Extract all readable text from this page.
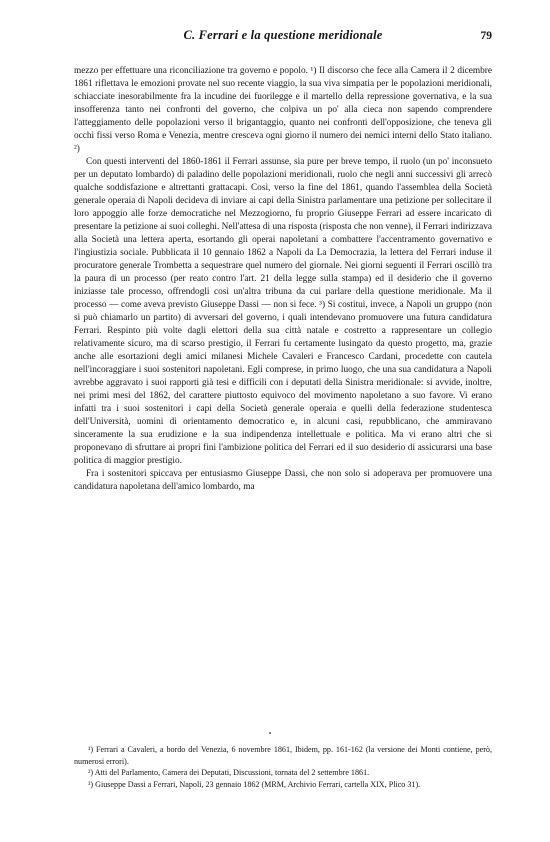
C. Ferrari e la questione meridionale	79

mezzo per effettuare una riconciliazione tra governo e popolo. ¹) Il discorso che fece alla Camera il 2 dicembre 1861 riflettava le emozioni provate nel suo recente viaggio, la sua viva simpatia per le popolazioni meridionali, schiacciate inesorabilmente fra la incudine dei fuorilegge e il martello della repressione governativa, e la sua insofferenza tanto nei confronti del governo, che colpiva un po' alla cieca non sapendo comprendere l'atteggiamento delle popolazioni verso il brigantaggio, quanto nei confronti dell'opposizione, che teneva gli occhi fissi verso Roma e Venezia, mentre cresceva ogni giorno il numero dei nemici interni dello Stato italiano. ²)

Con questi interventi del 1860-1861 il Ferrari assunse, sia pure per breve tempo, il ruolo (un po' inconsueto per un deputato lombardo) di paladino delle popolazioni meridionali, ruolo che negli anni successivi gli arrecò qualche soddisfazione e altrettanti grattacapi. Così, verso la fine del 1861, quando l'assemblea della Società generale operaia di Napoli decideva di inviare ai capi della Sinistra parlamentare una petizione per sollecitare il loro appoggio alle forze democratiche nel Mezzogiorno, fu proprio Giuseppe Ferrari ad essere incaricato di presentare la petizione ai suoi colleghi. Nell'attesa di una risposta (risposta che non venne), il Ferrari indirizzava alla Società una lettera aperta, esortando gli operai napoletani a combattere l'accentramento governativo e l'ingiustizia sociale. Pubblicata il 10 gennaio 1862 a Napoli da La Democrazia, la lettera del Ferrari induse il procuratore generale Trombetta a sequestrare quel numero del giornale. Nei giorni seguenti il Ferrari oscillò tra la paura di un processo (per reato contro l'art. 21 della legge sulla stampa) ed il desiderio che il governo iniziasse tale processo, offrendogli così un'altra tribuna da cui parlare della questione meridionale. Ma il processo — come aveva previsto Giuseppe Dassi — non si fece. ³) Si costituì, invece, a Napoli un gruppo (non si può chiamarlo un partito) di avversari del governo, i quali intendevano promuovere una futura candidatura Ferrari. Respinto più volte dagli elettori della sua città natale e costretto a rappresentare un collegio relativamente sicuro, ma di scarso prestigio, il Ferrari fu certamente lusingato da questo progetto, ma, grazie anche alle esortazioni degli amici milanesi Michele Cavaleri e Francesco Cardani, procedette con cautela nell'incoraggiare i suoi sostenitori napoletani. Egli comprese, in primo luogo, che una sua candidatura a Napoli avrebbe aggravato i suoi rapporti già tesi e difficili con i deputati della Sinistra meridionale: si avvide, inoltre, nei primi mesi del 1862, del carattere piuttosto equivoco del movimento napoletano a suo favore. Vi erano infatti tra i suoi sostenitori i capi della Società generale operaia e quelli della federazione studentesca dell'Università, uomini di orientamento democratico e, in alcuni casi, repubblicano, che ammiravano sinceramente la sua erudizione e la sua indipendenza intellettuale e politica. Ma vi erano altri che si proponevano di sfruttare ai propri fini l'ambizione politica del Ferrari ed il suo desiderio di assicurarsi una base politica di maggior prestigio.

Fra i sostenitori spiccava per entusiasmo Giuseppe Dassi, che non solo si adoperava per promuovere una candidatura napoletana dell'amico lombardo, ma

¹) Ferrari a Cavaleri, a bordo del Venezia, 6 novembre 1861, Ibidem, pp. 161-162 (la versione dei Monti contiene, però, numerosi errori).

²) Atti del Parlamento, Camera dei Deputati, Discussioni, tornata del 2 settembre 1861.

³) Giuseppe Dassi a Ferrari, Napoli, 23 gennaio 1862 (MRM, Archivio Ferrari, cartella XIX, Plico 31).
